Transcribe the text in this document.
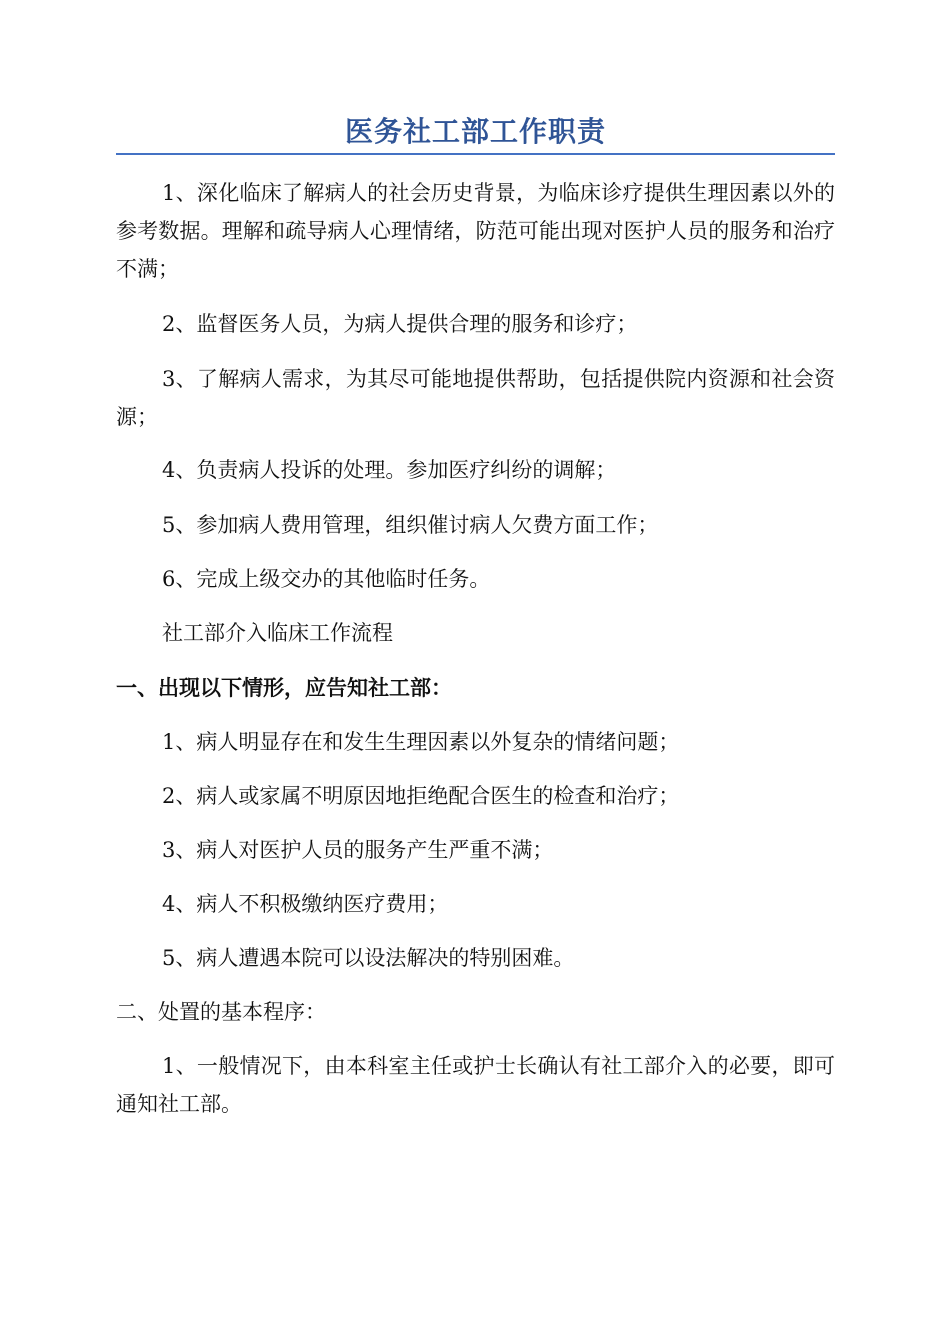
医务社工部工作职责

1、深化临床了解病人的社会历史背景，为临床诊疗提供生理因素以外的参考数据。理解和疏导病人心理情绪，防范可能出现对医护人员的服务和治疗不满；

2、监督医务人员，为病人提供合理的服务和诊疗；

3、了解病人需求，为其尽可能地提供帮助，包括提供院内资源和社会资源；

4、负责病人投诉的处理。参加医疗纠纷的调解；

5、参加病人费用管理，组织催讨病人欠费方面工作；

6、完成上级交办的其他临时任务。

社工部介入临床工作流程

一、出现以下情形，应告知社工部：

1、病人明显存在和发生生理因素以外复杂的情绪问题；

2、病人或家属不明原因地拒绝配合医生的检查和治疗；

3、病人对医护人员的服务产生严重不满；

4、病人不积极缴纳医疗费用；

5、病人遭遇本院可以设法解决的特别困难。

二、处置的基本程序：

1、一般情况下，由本科室主任或护士长确认有社工部介入的必要，即可通知社工部。
